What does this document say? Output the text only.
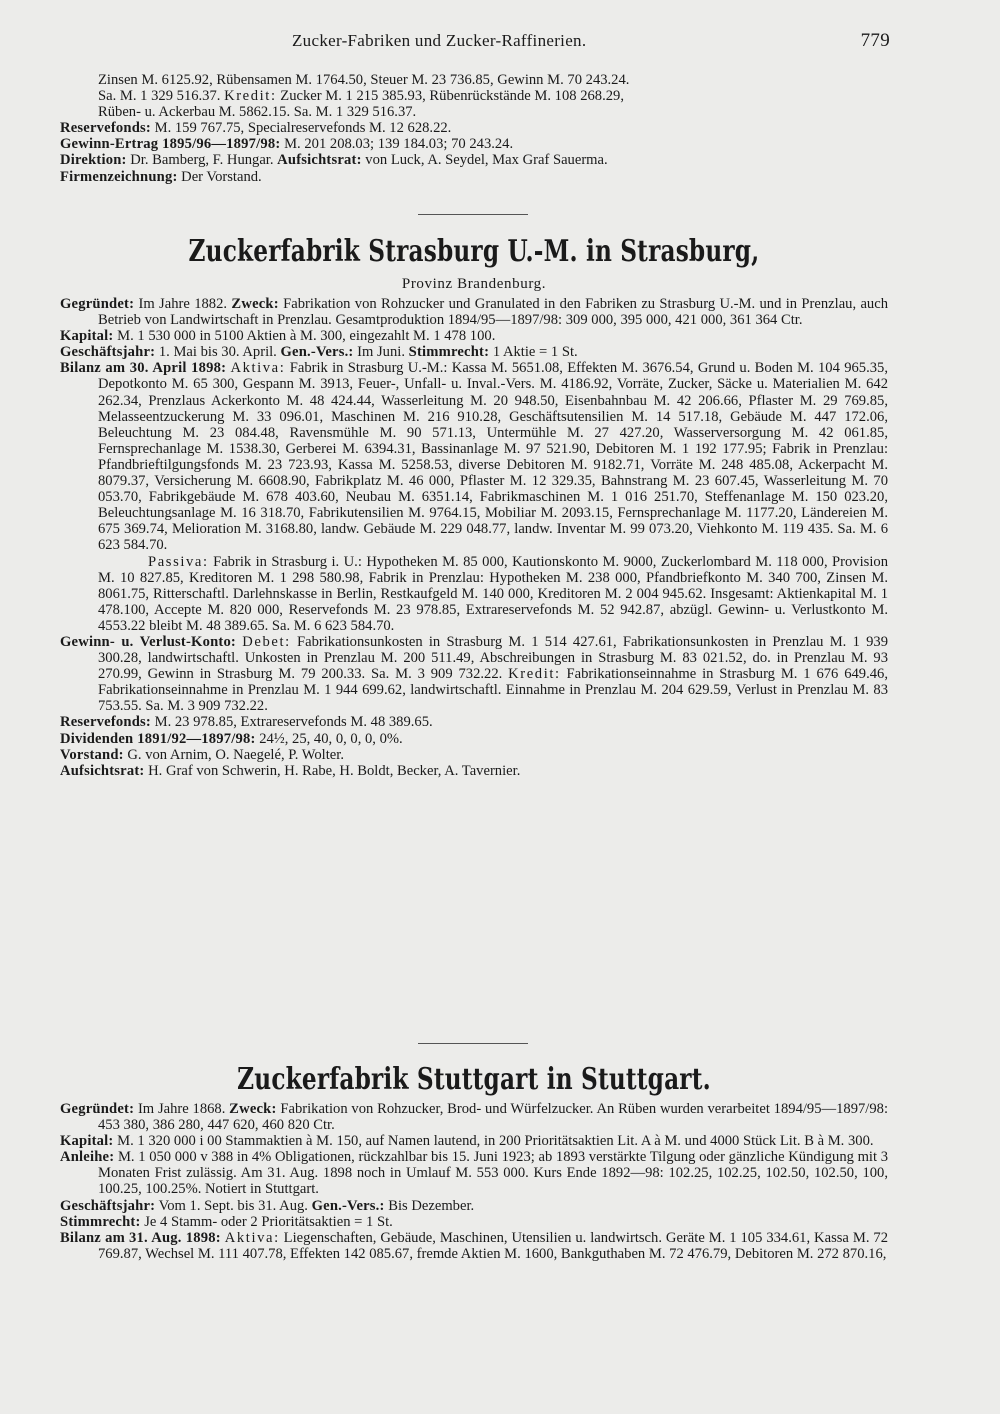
Zucker-Fabriken und Zucker-Raffinerien.	779

Zinsen M. 6125.92, Rübensamen M. 1764.50, Steuer M. 23 736.85, Gewinn M. 70 243.24.

Sa. M. 1 329 516.37. Kredit: Zucker M. 1 215 385.93, Rübenrückstände M. 108 268.29,

Rüben- u. Ackerbau M. 5862.15. Sa. M. 1 329 516.37.

Reservefonds: M. 159 767.75, Specialreservefonds M. 12 628.22.

Gewinn-Ertrag 1895/96—1897/98: M. 201 208.03; 139 184.03; 70 243.24.

Direktion: Dr. Bamberg, F. Hungar. Aufsichtsrat: von Luck, A. Seydel, Max Graf Sauerma.

Firmenzeichnung: Der Vorstand.

Zuckerfabrik Strasburg U.-M. in Strasburg,
Provinz Brandenburg.

Gegründet: Im Jahre 1882. Zweck: Fabrikation von Rohzucker und Granulated in den Fabriken zu Strasburg U.-M. und in Prenzlau, auch Betrieb von Landwirtschaft in Prenzlau. Gesamtproduktion 1894/95—1897/98: 309 000, 395 000, 421 000, 361 364 Ctr.

Kapital: M. 1 530 000 in 5100 Aktien à M. 300, eingezahlt M. 1 478 100.

Geschäftsjahr: 1. Mai bis 30. April. Gen.-Vers.: Im Juni. Stimmrecht: 1 Aktie = 1 St.

Bilanz am 30. April 1898: Aktiva: Fabrik in Strasburg U.-M.: Kassa M. 5651.08, Effekten M. 3676.54, Grund u. Boden M. 104 965.35, Depotkonto M. 65 300, Gespann M. 3913, Feuer-, Unfall- u. Inval.-Vers. M. 4186.92, Vorräte, Zucker, Säcke u. Materialien M. 642 262.34, Prenzlaus Ackerkonto M. 48 424.44, Wasserleitung M. 20 948.50, Eisenbahnbau M. 42 206.66, Pflaster M. 29 769.85, Melasseentzuckerung M. 33 096.01, Maschinen M. 216 910.28, Geschäftsutensilien M. 14 517.18, Gebäude M. 447 172.06, Beleuchtung M. 23 084.48, Ravensmühle M. 90 571.13, Untermühle M. 27 427.20, Wasserversorgung M. 42 061.85, Fernsprechanlage M. 1538.30, Gerberei M. 6394.31, Bassinanlage M. 97 521.90, Debitoren M. 1 192 177.95; Fabrik in Prenzlau: Pfandbrieftilgungsfonds M. 23 723.93, Kassa M. 5258.53, diverse Debitoren M. 9182.71, Vorräte M. 248 485.08, Ackerpacht M. 8079.37, Versicherung M. 6608.90, Fabrikplatz M. 46 000, Pflaster M. 12 329.35, Bahnstrang M. 23 607.45, Wasserleitung M. 70 053.70, Fabrikgebäude M. 678 403.60, Neubau M. 6351.14, Fabrikmaschinen M. 1 016 251.70, Steffenanlage M. 150 023.20, Beleuchtungsanlage M. 16 318.70, Fabrikutensilien M. 9764.15, Mobiliar M. 2093.15, Fernsprechanlage M. 1177.20, Ländereien M. 675 369.74, Melioration M. 3168.80, landw. Gebäude M. 229 048.77, landw. Inventar M. 99 073.20, Viehkonto M. 119 435. Sa. M. 6 623 584.70.

Passiva: Fabrik in Strasburg i. U.: Hypotheken M. 85 000, Kautionskonto M. 9000, Zuckerlombard M. 118 000, Provision M. 10 827.85, Kreditoren M. 1 298 580.98, Fabrik in Prenzlau: Hypotheken M. 238 000, Pfandbriefkonto M. 340 700, Zinsen M. 8061.75, Ritterschaftl. Darlehnskasse in Berlin, Restkaufgeld M. 140 000, Kreditoren M. 2 004 945.62. Insgesamt: Aktienkapital M. 1 478.100, Accepte M. 820 000, Reservefonds M. 23 978.85, Extrareservefonds M. 52 942.87, abzügl. Gewinn- u. Verlustkonto M. 4553.22 bleibt M. 48 389.65. Sa. M. 6 623 584.70.

Gewinn- u. Verlust-Konto: Debet: Fabrikationsunkosten in Strasburg M. 1 514 427.61, Fabrikationsunkosten in Prenzlau M. 1 939 300.28, landwirtschaftl. Unkosten in Prenzlau M. 200 511.49, Abschreibungen in Strasburg M. 83 021.52, do. in Prenzlau M. 93 270.99, Gewinn in Strasburg M. 79 200.33. Sa. M. 3 909 732.22. Kredit: Fabrikationseinnahme in Strasburg M. 1 676 649.46, Fabrikationseinnahme in Prenzlau M. 1 944 699.62, landwirtschaftl. Einnahme in Prenzlau M. 204 629.59, Verlust in Prenzlau M. 83 753.55. Sa. M. 3 909 732.22.

Reservefonds: M. 23 978.85, Extrareservefonds M. 48 389.65.

Dividenden 1891/92—1897/98: 24½, 25, 40, 0, 0, 0, 0%.

Vorstand: G. von Arnim, O. Naegelé, P. Wolter.

Aufsichtsrat: H. Graf von Schwerin, H. Rabe, H. Boldt, Becker, A. Tavernier.

Zuckerfabrik Stuttgart in Stuttgart.

Gegründet: Im Jahre 1868. Zweck: Fabrikation von Rohzucker, Brod- und Würfelzucker. An Rüben wurden verarbeitet 1894/95—1897/98: 453 380, 386 280, 447 620, 460 820 Ctr.

Kapital: M. 1 320 000 i 00 Stammaktien à M. 150, auf Namen lautend, in 200 Prioritätsaktien Lit. A à M. und 4000 Stück Lit. B à M. 300.

Anleihe: M. 1 050 000 v 388 in 4% Obligationen, rückzahlbar bis 15. Juni 1923; ab 1893 verstärkte Tilgung oder gänzliche Kündigung mit 3 Monaten Frist zulässig. Am 31. Aug. 1898 noch in Umlauf M. 553 000. Kurs Ende 1892—98: 102.25, 102.25, 102.50, 102.50, 100, 100.25, 100.25%. Notiert in Stuttgart.

Geschäftsjahr: Vom 1. Sept. bis 31. Aug. Gen.-Vers.: Bis Dezember.

Stimmrecht: Je 4 Stamm- oder 2 Prioritätsaktien = 1 St.

Bilanz am 31. Aug. 1898: Aktiva: Liegenschaften, Gebäude, Maschinen, Utensilien u. landwirtsch. Geräte M. 1 105 334.61, Kassa M. 72 769.87, Wechsel M. 111 407.78, Effekten 142 085.67, fremde Aktien M. 1600, Bankguthaben M. 72 476.79, Debitoren M. 272 870.16,
